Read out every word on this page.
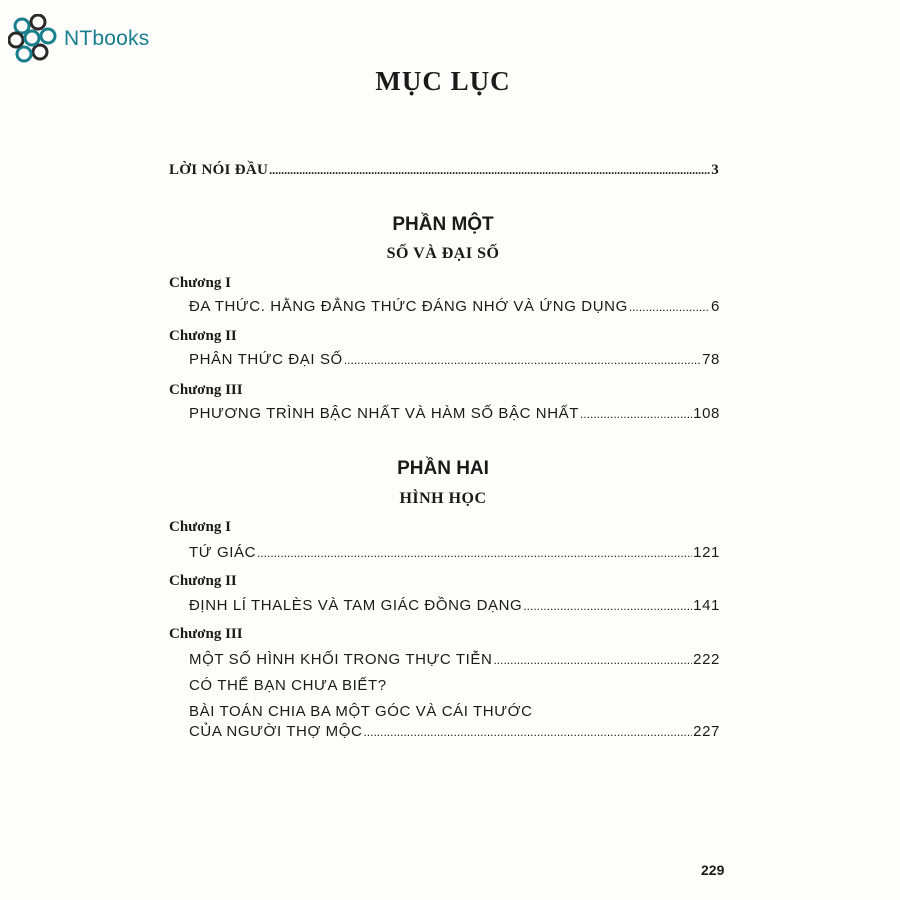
NTbooks
MỤC LỤC
LỜI NÓI ĐẦU .....	3
PHẦN MỘT
SỐ VÀ ĐẠI SỐ
Chương I
ĐA THỨC. HẰNG ĐẲNG THỨC ĐÁNG NHỚ VÀ ỨNG DỤNG .....	6
Chương II
PHÂN THỨC ĐẠI SỐ .....	78
Chương III
PHƯƠNG TRÌNH BẬC NHẤT VÀ HÀM SỐ BẬC NHẤT .....	108
PHẦN HAI
HÌNH HỌC
Chương I
TỨ GIÁC .....	121
Chương II
ĐỊNH LÍ THALÈS VÀ TAM GIÁC ĐỒNG DẠNG .....	141
Chương III
MỘT SỐ HÌNH KHỐI TRONG THỰC TIỄN .....	222
CÓ THỂ BẠN CHƯA BIẾT?
BÀI TOÁN CHIA BA MỘT GÓC VÀ CÁI THƯỚC
CỦA NGƯỜI THỢ MỘC .....	227
229
